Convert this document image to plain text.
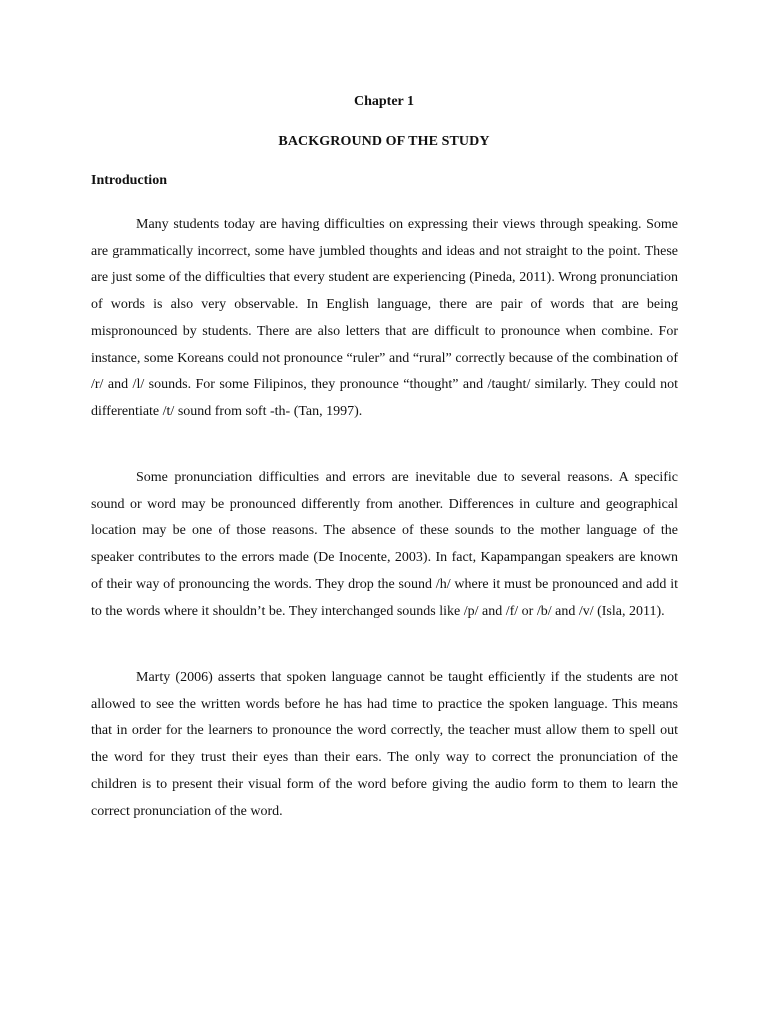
Chapter 1
BACKGROUND OF THE STUDY
Introduction

Many students today are having difficulties on expressing their views through speaking. Some are grammatically incorrect, some have jumbled thoughts and ideas and not straight to the point. These are just some of the difficulties that every student are experiencing (Pineda, 2011). Wrong pronunciation of words is also very observable. In English language, there are pair of words that are being mispronounced by students. There are also letters that are difficult to pronounce when combine. For instance, some Koreans could not pronounce “ruler” and “rural” correctly because of the combination of /r/ and /l/ sounds. For some Filipinos, they pronounce “thought” and /taught/ similarly. They could not differentiate /t/ sound from soft -th- (Tan, 1997).

Some pronunciation difficulties and errors are inevitable due to several reasons. A specific sound or word may be pronounced differently from another. Differences in culture and geographical location may be one of those reasons. The absence of these sounds to the mother language of the speaker contributes to the errors made (De Inocente, 2003). In fact, Kapampangan speakers are known of their way of pronouncing the words. They drop the sound /h/ where it must be pronounced and add it to the words where it shouldn’t be. They interchanged sounds like /p/ and /f/ or /b/ and /v/ (Isla, 2011).

Marty (2006) asserts that spoken language cannot be taught efficiently if the students are not allowed to see the written words before he has had time to practice the spoken language. This means that in order for the learners to pronounce the word correctly, the teacher must allow them to spell out the word for they trust their eyes than their ears. The only way to correct the pronunciation of the children is to present their visual form of the word before giving the audio form to them to learn the correct pronunciation of the word.
